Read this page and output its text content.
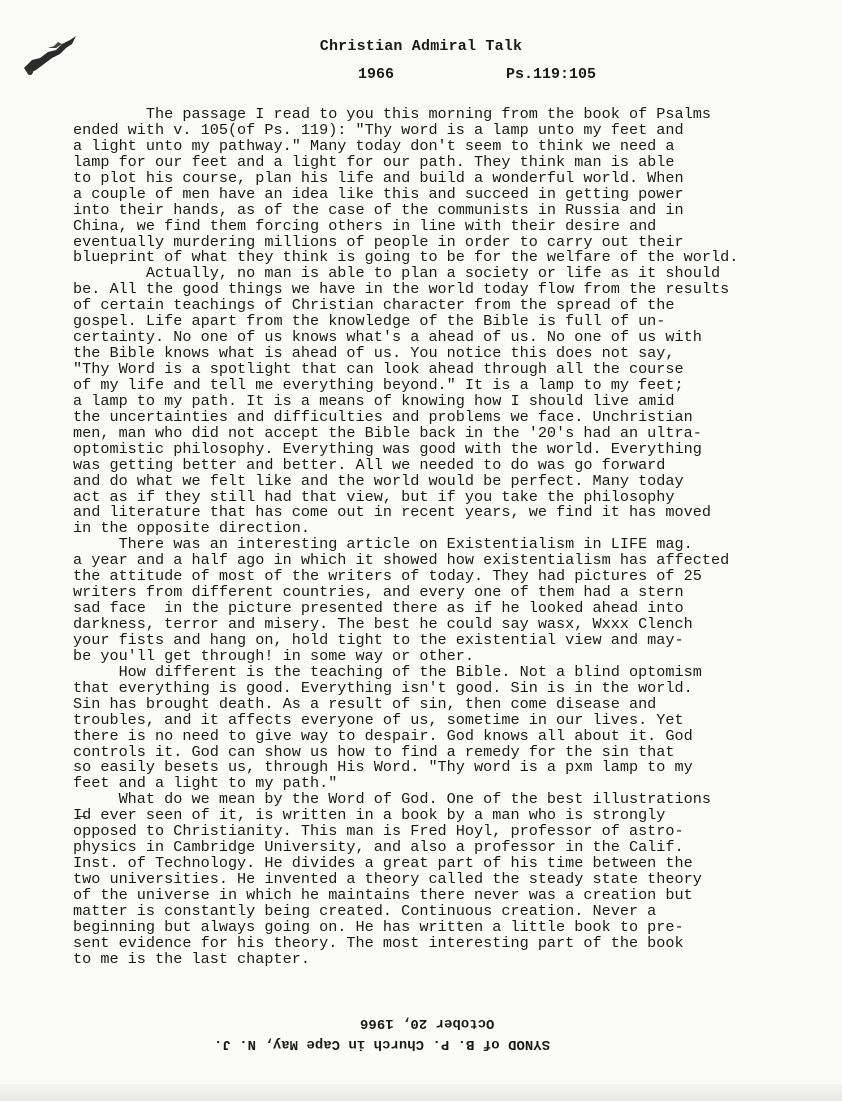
Christian Admiral Talk
1966	Ps.119:105
The passage I read to you this morning from the book of Psalms
ended with v. 105(of Ps. 119): "Thy word is a lamp unto my feet and
a light unto my pathway." Many today don't seem to think we need a
lamp for our feet and a light for our path. They think man is able
to plot his course, plan his life and build a wonderful world. When
a couple of men have an idea like this and succeed in getting power
into their hands, as of the case of the communists in Russia and in
China, we find them forcing others in line with their desire and
eventually murdering millions of people in order to carry out their
blueprint of what they think is going to be for the welfare of the world.
Actually, no man is able to plan a society or life as it should
be. All the good things we have in the world today flow from the results
of certain teachings of Christian character from the spread of the
gospel. Life apart from the knowledge of the Bible is full of un-
certainty. No one of us knows what's a ahead of us. No one of us with
the Bible knows what is ahead of us. You notice this does not say,
"Thy Word is a spotlight that can look ahead through all the course
of my life and tell me everything beyond." It is a lamp to my feet;
a lamp to my path. It is a means of knowing how I should live amid
the uncertainties and difficulties and problems we face. Unchristian
men, man who did not accept the Bible back in the '20's had an ultra-
optomistic philosophy. Everything was good with the world. Everything
was getting better and better. All we needed to do was go forward
and do what we felt like and the world would be perfect. Many today
act as if they still had that view, but if you take the philosophy
and literature that has come out in recent years, we find it has moved
in the opposite direction.
There was an interesting article on Existentialism in LIFE mag.
a year and a half ago in which it showed how existentialism has affected
the attitude of most of the writers of today. They had pictures of 25
writers from different countries, and every one of them had a stern
sad face  in the picture presented there as if he looked ahead into
darkness, terror and misery. The best he could say wasx, Wxxx Clench
your fists and hang on, hold tight to the existential view and may-
be you'll get through! in some way or other.
How different is the teaching of the Bible. Not a blind optomism
that everything is good. Everything isn't good. Sin is in the world.
Sin has brought death. As a result of sin, then come disease and
troubles, and it affects everyone of us, sometime in our lives. Yet
there is no need to give way to despair. God knows all about it. God
controls it. God can show us how to find a remedy for the sin that
so easily besets us, through His Word. "Thy word is a pxm lamp to my
feet and a light to my path."
What do we mean by the Word of God. One of the best illustrations
I̶d ever seen of it, is written in a book by a man who is strongly
opposed to Christianity. This man is Fred Hoyl, professor of astro-
physics in Cambridge University, and also a professor in the Calif.
Inst. of Technology. He divides a great part of his time between the
two universities. He invented a theory called the steady state theory
of the universe in which he maintains there never was a creation but
matter is constantly being created. Continuous creation. Never a
beginning but always going on. He has written a little book to pre-
sent evidence for his theory. The most interesting part of the book
to me is the last chapter.
October 20, 1966
SYNOD of B. P. Church in Cape May, N. J.
